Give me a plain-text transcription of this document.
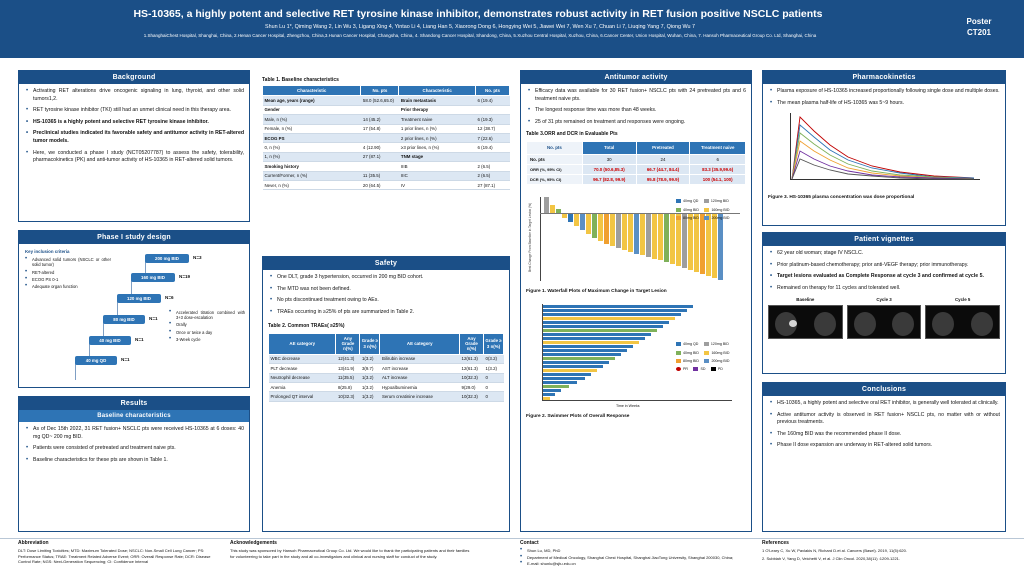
HS-10365, a highly potent and selective RET tyrosine kinase inhibitor, demonstrates robust activity in RET fusion positive NSCLC patients
Shun Lu 1*, Qiming Wang 2, Lin Wu 3, Ligang Xing 4, Yintao Li 4, Liang Han 5, Xiaorong Dong 6, Hongying Wei 5, Jiawei Wei 7, Wen Xu 7, Chuan Li 7, Liuqing Yang 7, Qiong Wu 7
1.ShanghaiChest Hospital, Shanghai, China, 2.Henan Cancer Hospital, Zhengzhou, China,3.Hunan Cancer Hospital, Changsha, China, 4. Shandong Cancer Hospital, Shandong, China, 5.Xuzhou Central Hospital, Xuzhou, China, 6.Cancer Center, Union Hospital, Wuhan, China, 7. Hansoh Pharmaceutical Group Co. Ltd, Shanghai, China
Poster
CT201
Background
• Activating RET alterations drive oncogenic signaling in lung, thyroid, and other solid tumors1,2.
• RET tyrosine kinase inhibitor (TKI) still had an unmet clinical need in this therapy area.
• HS-10365 is a highly potent and selective RET tyrosine kinase inhibitor.
• Preclinical studies indicated its favorable safety and antitumor activity in RET-altered tumor models.
• Here, we conducted a phase I study (NCT05207787) to assess the safety, tolerability, pharmacokinetics (PK) and anti-tumor activity of HS-10365 in RET-altered solid tumors.
Phase I study design
Key inclusion criteria
• Advanced solid tumors (NSCLC or other solid tumor)
• RET-altered
• ECOG PS 0-1
• Adequate organ function
200 mg BID	N=3
160 mg BID	N=19
120 mg BID	N=6
80 mg BID	N=1
40 mg BID	N=1
40 mg QD	N=1
• Accelerated titration combined with 3+3 dose-escalation
• Orally
• Once or twice a day
• 3-Week cycle
Results
Baseline characteristics
• As of Dec 15th 2022, 31 RET fusion+ NSCLC pts were received HS-10365 at 6 doses: 40 mg QD~ 200 mg BID.
• Patients were consisted of pretreated and treatment naive pts.
• Baseline characteristics for these pts are shown in Table 1.
Table 1. Baseline characteristics
Characteristic	No. pts	Characteristic	No. pts
Mean age, years (range)	58.0 (52.6,65.0)	Brain metastasis	6 (19.4)
Gender		Prior therapy	
Male, n (%)	14 (45.2)	Treatment naive	6 (19.3)
Female, n (%)	17 (54.8)	1 prior lines, n (%)	12 (38.7)
ECOG PS		2 prior lines, n (%)	7 (22.6)
0, n (%)	4 (12.90)	≥3 prior lines, n (%)	6 (19.4)
1, n (%)	27 (87.1)	TNM stage	
Smoking history		IIIB	2 (6.5)
Current/Former, n (%)	11 (35.5)	IIIC	2 (6.5)
Never, n (%)	20 (64.5)	IV	27 (87.1)
Safety
• One DLT, grade 3 hypertension, occurred in 200 mg BID cohort.
• The MTD was not been defined.
• No pts discontinued treatment owing to AEs.
• TRAEs occurring in ≥25% of pts are summarized in Table 2.
Table 2. Common TRAEs( ≥25%)
AE category	Any Grade n(%)	Grade ≥ 3 n(%)	AE category	Any Grade n(%)	Grade ≥ 3 n(%)
WBC decrease	12(41.3)	1(3.2)	Bilirubin increase	12(61.3)	0(3.2)
PLT decrease	13(41.9)	3(9.7)	AST increase	12(61.3)	1(3.2)
Neutrophil decrease	11(35.5)	1(3.2)	ALT increase	10(32.3)	0
Anemia	8(25.8)	1(3.2)	Hypoalbuminemia	9(29.0)	0
Prolonged QT interval	10(32.3)	1(3.2)	Serum creatinine increase	10(32.3)	0
Antitumor activity
• Efficacy data was available for 30 RET fusion+ NSCLC pts with 24 pretreated pts and 6 treatment naive pts.
• The longest response time was more than 48 weeks.
• 25 of 31 pts remained on treatment and responses were ongoing.
Table 3.ORR and DCR in Evaluable Pts
No. pts	Total	Pretreated	Treatment naive
No. pts	30	24	6
ORR (%, 95% CI)	70.0 (50.6,85.3)	66.7 (44.7, 84.4)	83.3 (35.9,99.6)
DCR (%, 95% CI)	96.7 (82.8, 99.9)	95.8 (78.9, 99.9)	100 (54.1, 100)
Best Change From Baseline in Target Lesion (%)
40mg QD	120mg BID 40mg BID	160mg BID 80mg BID	200mg BID
Figure 1. Waterfall Plots of Maximum Change in Target Lesion
40mg QD	120mg BID
40mg BID	160mg BID
80mg BID	200mg BID
PR	SD	PD
Time in Weeks
Figure 2. Swimmer Plots of Overall Response
Pharmacokinetics
• Plasma exposure of HS-10365 increased proportionally following single dose and multiple doses.
• The mean plasma half-life of HS-10365 was 5~9 hours.
Figure 3. HS-10365 plasma concentration was dose proportional
Patient vignettes
• 62 year old woman; stage IV NSCLC.
• Prior platinum-based chemotherapy; prior anti-VEGF therapy; prior immunotherapy.
• Target lesions evaluated as Complete Response at cycle 3 and confirmed at cycle 5.
• Remained on therapy for 11 cycles and tolerated well.
Baseline	Cycle 3	Cycle 5
Conclusions
• HS-10365, a highly potent and selective oral RET inhibitor, is generally well tolerated at clinically.
• Active antitumor activity is observed in RET fusion+ NSCLC pts, no matter with or without previous treatments.
• The 160mg BID was the recommended phase II dose.
• Phase II dose expansion are underway in RET-altered solid tumors.
Abbreviation
DLT: Dose Limiting Toxicities; MTD: Maximum Tolerated Dose; NSCLC: Non-Small Cell Lung Cancer; PS: Performance Status; TRAE: Treatment Related Adverse Event; ORR: Overall Response Rate; DCR: Disease Control Rate; NGS: Next-Generation Sequencing; CI: Confidence Interval
Acknowledgements
This study was sponsored by Hansoh Pharmaceutical Group Co. Ltd. We would like to thank the participating patients and their families for volunteering to take part in the study and all co-investigators and clinical and nursing staff for conduct of the study.
Contact
• Shun Lu, MD, PhD
• Department of Medical Oncology, Shanghai Chest Hospital, Shanghai JiaoTong University, Shanghai 200030, China;
• E-mail: shunlu@sjtu.edu.cn
References
1 O'Leary C, Xu W, Pavlakis N, Richard D.et al. Cancers (Basel). 2019, 11(5):620.
2. Subbiah V, Yang D, Veichetti V, et al. J Clin Oncol. 2020,38(11) :1209-1221.
